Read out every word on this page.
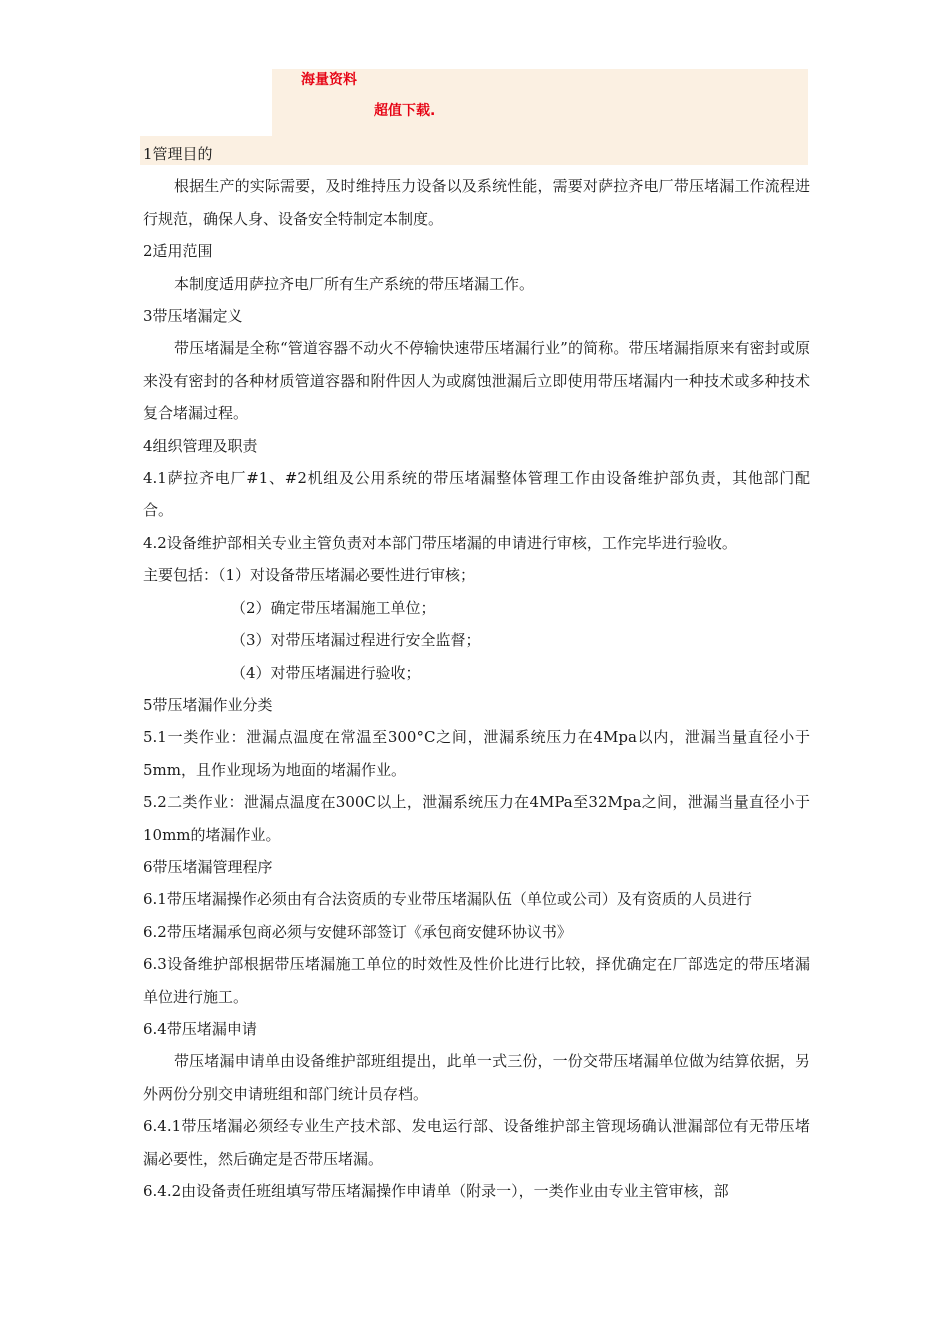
海量资料
超值下载.

1管理目的

根据生产的实际需要，及时维持压力设备以及系统性能，需要对萨拉齐电厂带压堵漏工作流程进行规范，确保人身、设备安全特制定本制度。

2适用范围

本制度适用萨拉齐电厂所有生产系统的带压堵漏工作。

3带压堵漏定义

带压堵漏是全称“管道容器不动火不停输快速带压堵漏行业”的简称。带压堵漏指原来有密封或原来没有密封的各种材质管道容器和附件因人为或腐蚀泄漏后立即使用带压堵漏内一种技术或多种技术复合堵漏过程。

4组织管理及职责

4.1萨拉齐电厂#1、#2机组及公用系统的带压堵漏整体管理工作由设备维护部负责，其他部门配合。

4.2设备维护部相关专业主管负责对本部门带压堵漏的申请进行审核，工作完毕进行验收。

主要包括：（1）对设备带压堵漏必要性进行审核；

（2）确定带压堵漏施工单位；

（3）对带压堵漏过程进行安全监督；

（4）对带压堵漏进行验收；

5带压堵漏作业分类

5.1一类作业：泄漏点温度在常温至300°C之间，泄漏系统压力在4Mpa以内，泄漏当量直径小于5mm，且作业现场为地面的堵漏作业。

5.2二类作业：泄漏点温度在300C以上，泄漏系统压力在4MPa至32Mpa之间，泄漏当量直径小于10mm的堵漏作业。

6带压堵漏管理程序

6.1带压堵漏操作必须由有合法资质的专业带压堵漏队伍（单位或公司）及有资质的人员进行

6.2带压堵漏承包商必须与安健环部签订《承包商安健环协议书》

6.3设备维护部根据带压堵漏施工单位的时效性及性价比进行比较，择优确定在厂部选定的带压堵漏单位进行施工。

6.4带压堵漏申请

带压堵漏申请单由设备维护部班组提出，此单一式三份，一份交带压堵漏单位做为结算依据，另外两份分别交申请班组和部门统计员存档。

6.4.1带压堵漏必须经专业生产技术部、发电运行部、设备维护部主管现场确认泄漏部位有无带压堵漏必要性，然后确定是否带压堵漏。

6.4.2由设备责任班组填写带压堵漏操作申请单（附录一），一类作业由专业主管审核，部
